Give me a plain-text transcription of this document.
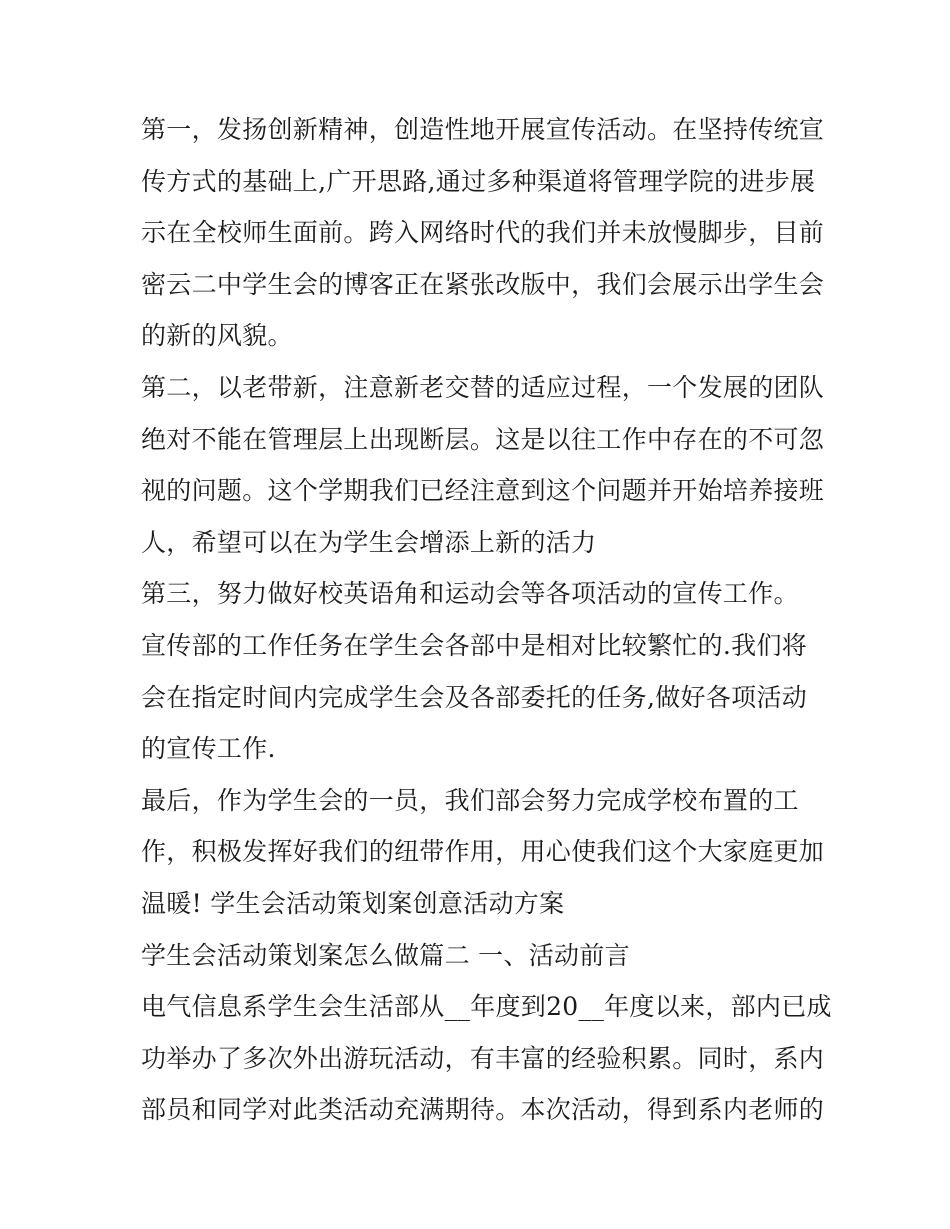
第一，发扬创新精神，创造性地开展宣传活动。在坚持传统宣
传方式的基础上,广开思路,通过多种渠道将管理学院的进步展
示在全校师生面前。跨入网络时代的我们并未放慢脚步，目前
密云二中学生会的博客正在紧张改版中，我们会展示出学生会
的新的风貌。
第二，以老带新，注意新老交替的适应过程，一个发展的团队
绝对不能在管理层上出现断层。这是以往工作中存在的不可忽
视的问题。这个学期我们已经注意到这个问题并开始培养接班
人，希望可以在为学生会增添上新的活力
第三，努力做好校英语角和运动会等各项活动的宣传工作。
宣传部的工作任务在学生会各部中是相对比较繁忙的.我们将
会在指定时间内完成学生会及各部委托的任务,做好各项活动
的宣传工作.
最后，作为学生会的一员，我们部会努力完成学校布置的工
作，积极发挥好我们的纽带作用，用心使我们这个大家庭更加
温暖! 学生会活动策划案创意活动方案
学生会活动策划案怎么做篇二 一、活动前言
电气信息系学生会生活部从__年度到20__年度以来，部内已成
功举办了多次外出游玩活动，有丰富的经验积累。同时，系内
部员和同学对此类活动充满期待。本次活动，得到系内老师的
